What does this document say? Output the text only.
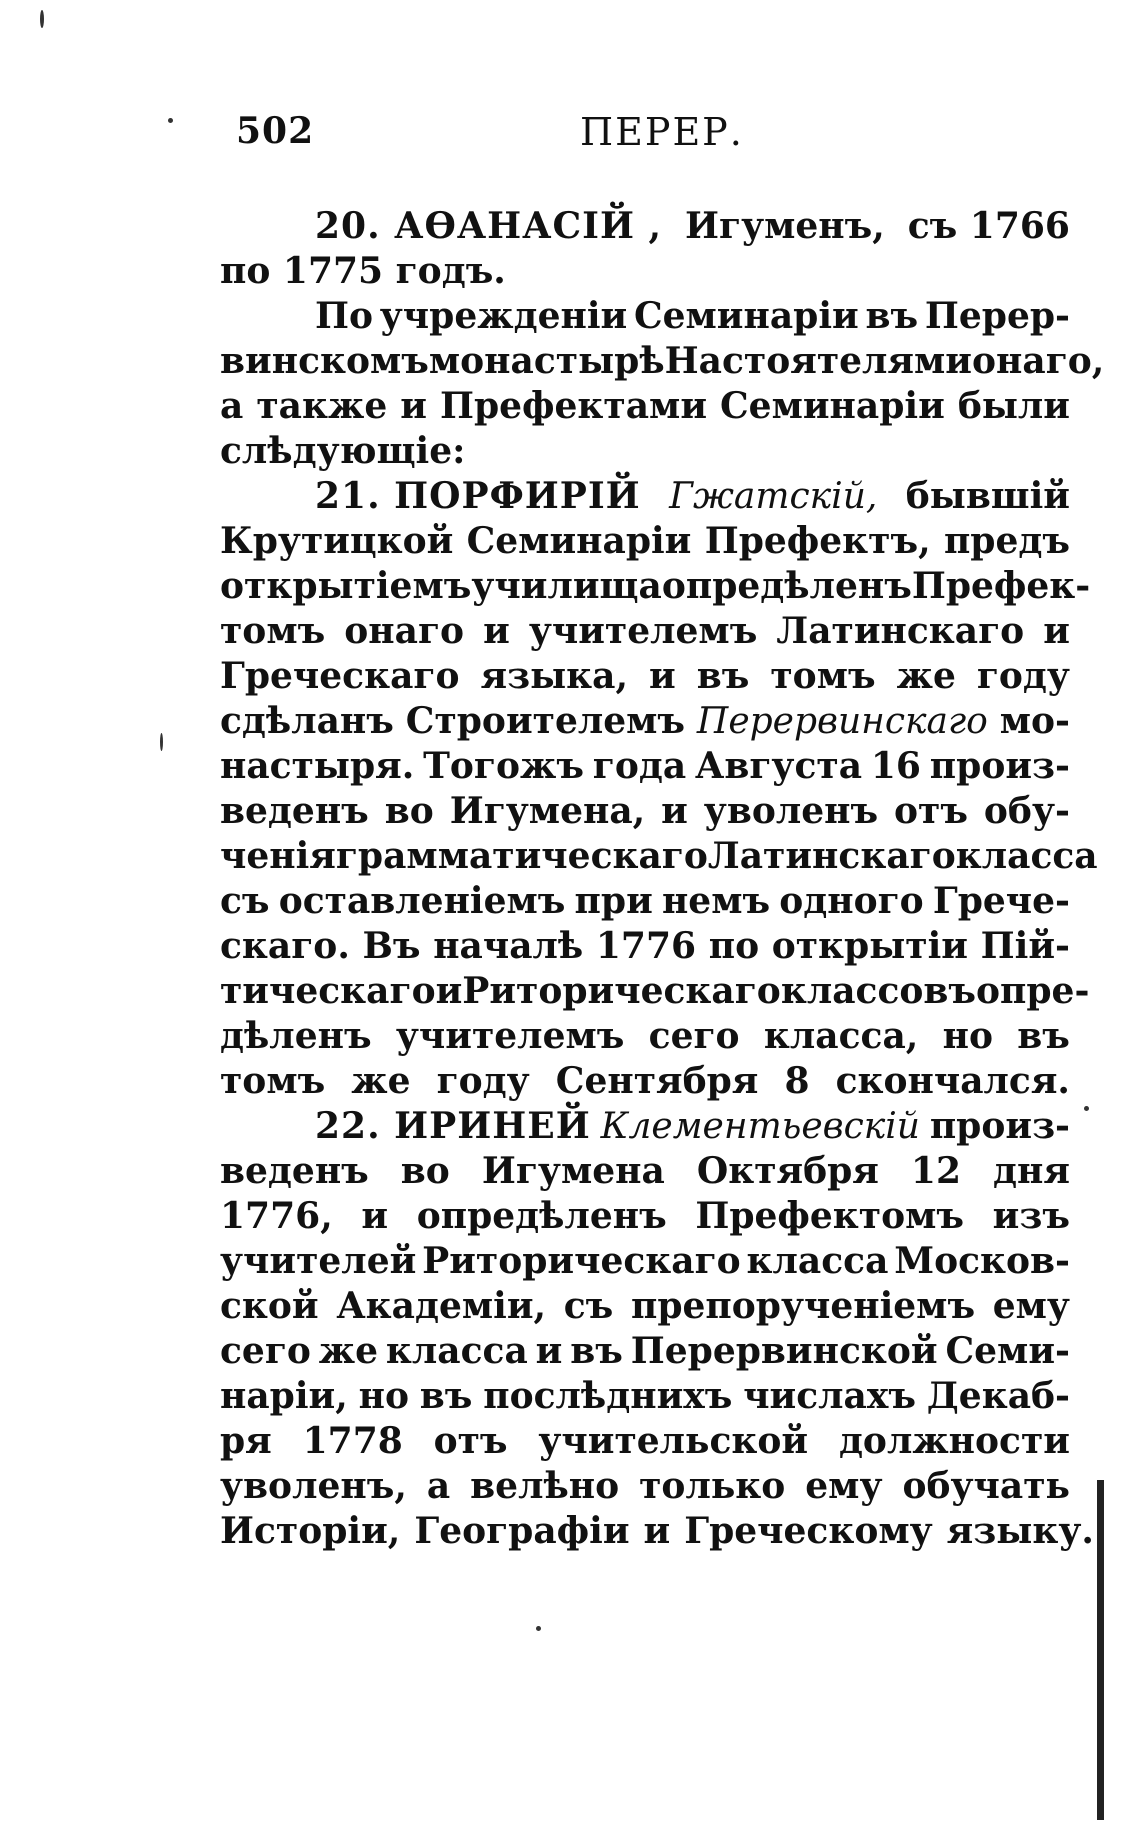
502	ПЕРЕР.
20. АѲАНАСІЙ , Игуменъ, съ 1766
по 1775 годъ.
По учрежденіи Семинаріи въ Перер-
винскомъ монастырѣ Настоятелями онаго,
а также и Префектами Семинаріи были
слѣдующіе:
21. ПОРФИРІЙ Гжатскій, бывшій
Крутицкой Семинаріи Префектъ, предъ
открытіемъ училища опредѣленъ Префек-
томъ онаго и учителемъ Латинскаго и
Греческаго языка, и въ томъ же году
сдѣланъ Строителемъ Перервинскаго мо-
настыря. Тогожъ года Августа 16 произ-
веденъ во Игумена, и уволенъ отъ обу-
ченія грамматическаго Латинскаго класса
съ оставленіемъ при немъ одного Грече-
скаго. Въ началѣ 1776 по открытіи Пій-
тическаго и Риторическаго классовъ опре-
дѣленъ учителемъ сего класса, но въ
томъ же году Сентября 8 скончался.
22. ИРИНЕЙ Клементьевскій произ-
веденъ во Игумена Октября 12 дня
1776, и опредѣленъ Префектомъ изъ
учителей Риторическаго класса Москов-
ской Академіи, съ препорученіемъ ему
сего же класса и въ Перервинской Семи-
наріи, но въ послѣднихъ числахъ Декаб-
ря 1778 отъ учительской должности
уволенъ, а велѣно только ему обучать
Исторіи, Географіи и Греческому языку.
